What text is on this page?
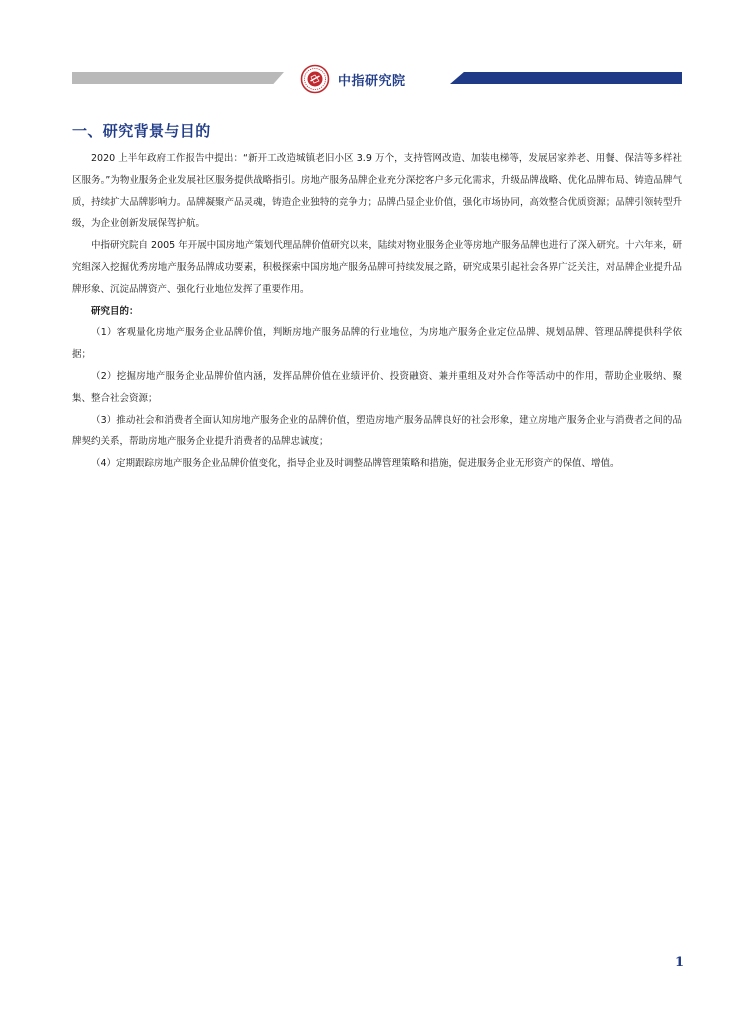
中指研究院
一、研究背景与目的

2020 上半年政府工作报告中提出：“新开工改造城镇老旧小区 3.9 万个，支持管网改造、加装电梯等，发展居家养老、用餐、保洁等多样社区服务。”为物业服务企业发展社区服务提供战略指引。房地产服务品牌企业充分深挖客户多元化需求，升级品牌战略、优化品牌布局、铸造品牌气质，持续扩大品牌影响力。品牌凝聚产品灵魂，铸造企业独特的竞争力；品牌凸显企业价值，强化市场协同，高效整合优质资源；品牌引领转型升级，为企业创新发展保驾护航。

中指研究院自 2005 年开展中国房地产策划代理品牌价值研究以来，陆续对物业服务企业等房地产服务品牌也进行了深入研究。十六年来，研究组深入挖掘优秀房地产服务品牌成功要素，积极探索中国房地产服务品牌可持续发展之路，研究成果引起社会各界广泛关注，对品牌企业提升品牌形象、沉淀品牌资产、强化行业地位发挥了重要作用。

研究目的：

（1）客观量化房地产服务企业品牌价值，判断房地产服务品牌的行业地位，为房地产服务企业定位品牌、规划品牌、管理品牌提供科学依据；

（2）挖掘房地产服务企业品牌价值内涵，发挥品牌价值在业绩评价、投资融资、兼并重组及对外合作等活动中的作用，帮助企业吸纳、聚集、整合社会资源；

（3）推动社会和消费者全面认知房地产服务企业的品牌价值，塑造房地产服务品牌良好的社会形象，建立房地产服务企业与消费者之间的品牌契约关系，帮助房地产服务企业提升消费者的品牌忠诚度；

（4）定期跟踪房地产服务企业品牌价值变化，指导企业及时调整品牌管理策略和措施，促进服务企业无形资产的保值、增值。

1
